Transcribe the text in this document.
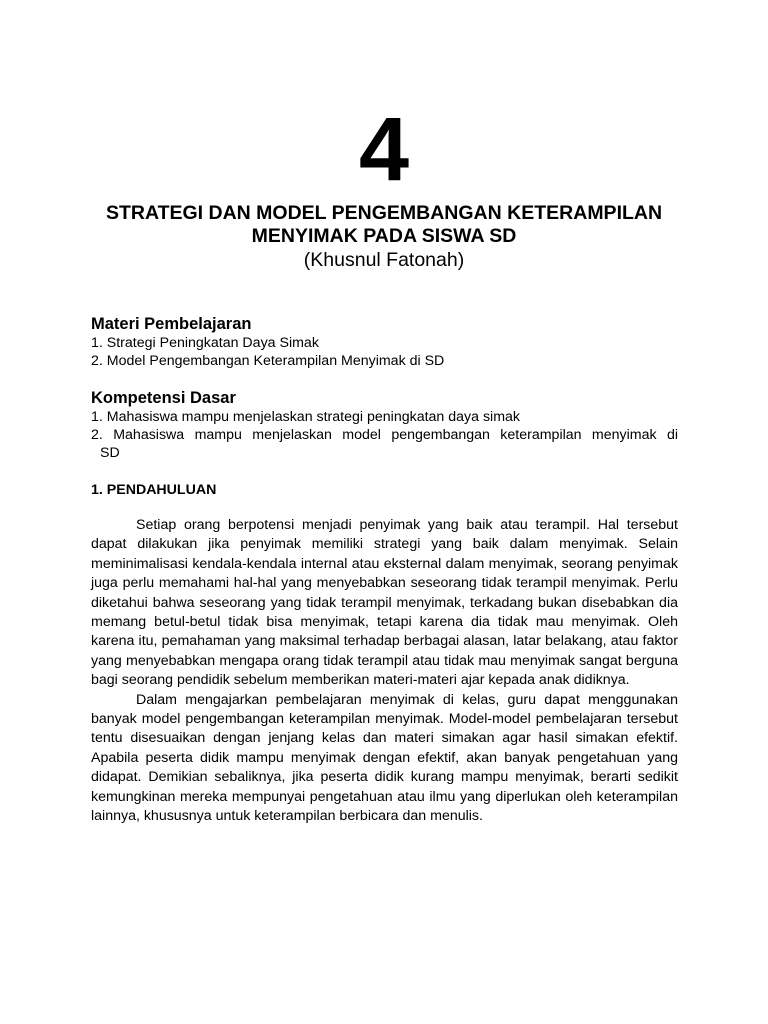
4
STRATEGI DAN MODEL PENGEMBANGAN KETERAMPILAN
MENYIMAK PADA SISWA SD
(Khusnul Fatonah)
Materi Pembelajaran
1. Strategi Peningkatan Daya Simak
2. Model Pengembangan Keterampilan Menyimak di SD
Kompetensi Dasar
1. Mahasiswa mampu menjelaskan strategi peningkatan daya simak
2. Mahasiswa mampu menjelaskan model pengembangan keterampilan menyimak di
SD
1. PENDAHULUAN

Setiap orang berpotensi menjadi penyimak yang baik atau terampil. Hal tersebut dapat dilakukan jika penyimak memiliki strategi yang baik dalam menyimak. Selain meminimalisasi kendala-kendala internal atau eksternal dalam menyimak, seorang penyimak juga perlu memahami hal-hal yang menyebabkan seseorang tidak terampil menyimak. Perlu diketahui bahwa seseorang yang tidak terampil menyimak, terkadang bukan disebabkan dia memang betul-betul tidak bisa menyimak, tetapi karena dia tidak mau menyimak. Oleh karena itu, pemahaman yang maksimal terhadap berbagai alasan, latar belakang, atau faktor yang menyebabkan mengapa orang tidak terampil atau tidak mau menyimak sangat berguna bagi seorang pendidik sebelum memberikan materi-materi ajar kepada anak didiknya.

Dalam mengajarkan pembelajaran menyimak di kelas, guru dapat menggunakan banyak model pengembangan keterampilan menyimak. Model-model pembelajaran tersebut tentu disesuaikan dengan jenjang kelas dan materi simakan agar hasil simakan efektif. Apabila peserta didik mampu menyimak dengan efektif, akan banyak pengetahuan yang didapat. Demikian sebaliknya, jika peserta didik kurang mampu menyimak, berarti sedikit kemungkinan mereka mempunyai pengetahuan atau ilmu yang diperlukan oleh keterampilan lainnya, khususnya untuk keterampilan berbicara dan menulis.
